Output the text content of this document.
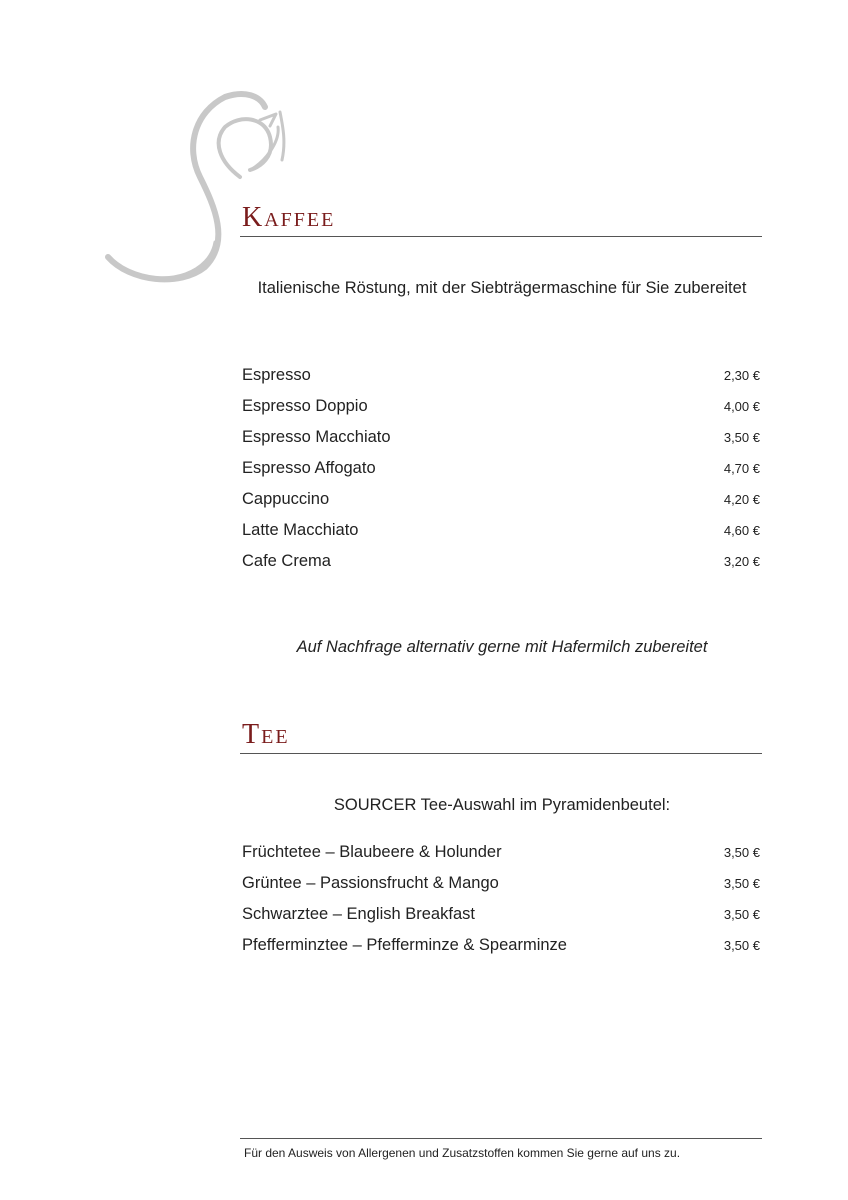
Kaffee
Italienische Röstung, mit der Siebträgermaschine für Sie zubereitet
Espresso	2,30 €
Espresso Doppio	4,00 €
Espresso Macchiato	3,50 €
Espresso Affogato	4,70 €
Cappuccino	4,20 €
Latte Macchiato	4,60 €
Cafe Crema	3,20 €
Auf Nachfrage alternativ gerne mit Hafermilch zubereitet
Tee
SOURCER Tee-Auswahl im Pyramidenbeutel:
Früchtetee – Blaubeere & Holunder	3,50 €
Grüntee – Passionsfrucht & Mango	3,50 €
Schwarztee – English Breakfast	3,50 €
Pfefferminztee – Pfefferminze & Spearminze	3,50 €
Für den Ausweis von Allergenen und Zusatzstoffen kommen Sie gerne auf uns zu.
